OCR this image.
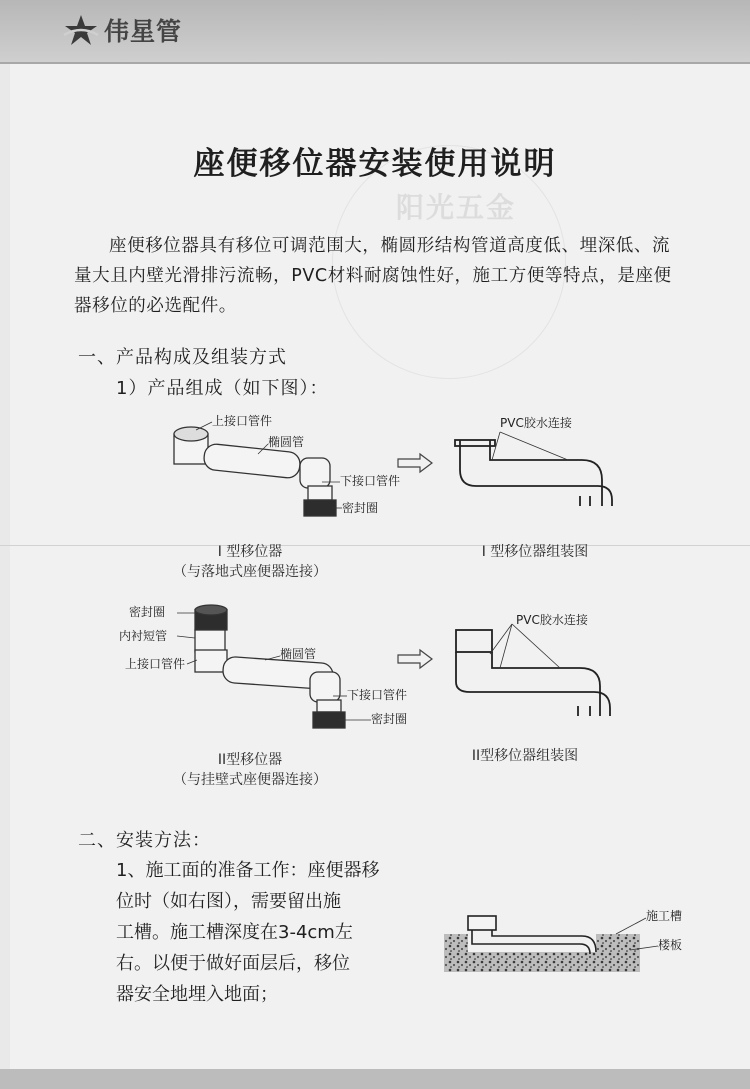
伟星管
阳光五金
座便移位器安装使用说明

座便移位器具有移位可调范围大，椭圆形结构管道高度低、埋深低、流量大且内壁光滑排污流畅，PVC材料耐腐蚀性好，施工方便等特点，是座便器移位的必选配件。

一、产品构成及组装方式
1）产品组成（如下图）：
上接口管件
椭圆管
下接口管件
密封圈
PVC胶水连接
I 型移位器
（与落地式座便器连接）
I 型移位器组装图
密封圈
内衬短管
上接口管件
椭圆管
下接口管件
密封圈
PVC胶水连接
II型移位器
（与挂壁式座便器连接）
II型移位器组装图
二、安装方法：

1、施工面的准备工作：座便器移

位时（如右图），需要留出施

工槽。施工槽深度在3-4cm左

右。以便于做好面层后，移位

器安全地埋入地面；

施工槽
楼板
